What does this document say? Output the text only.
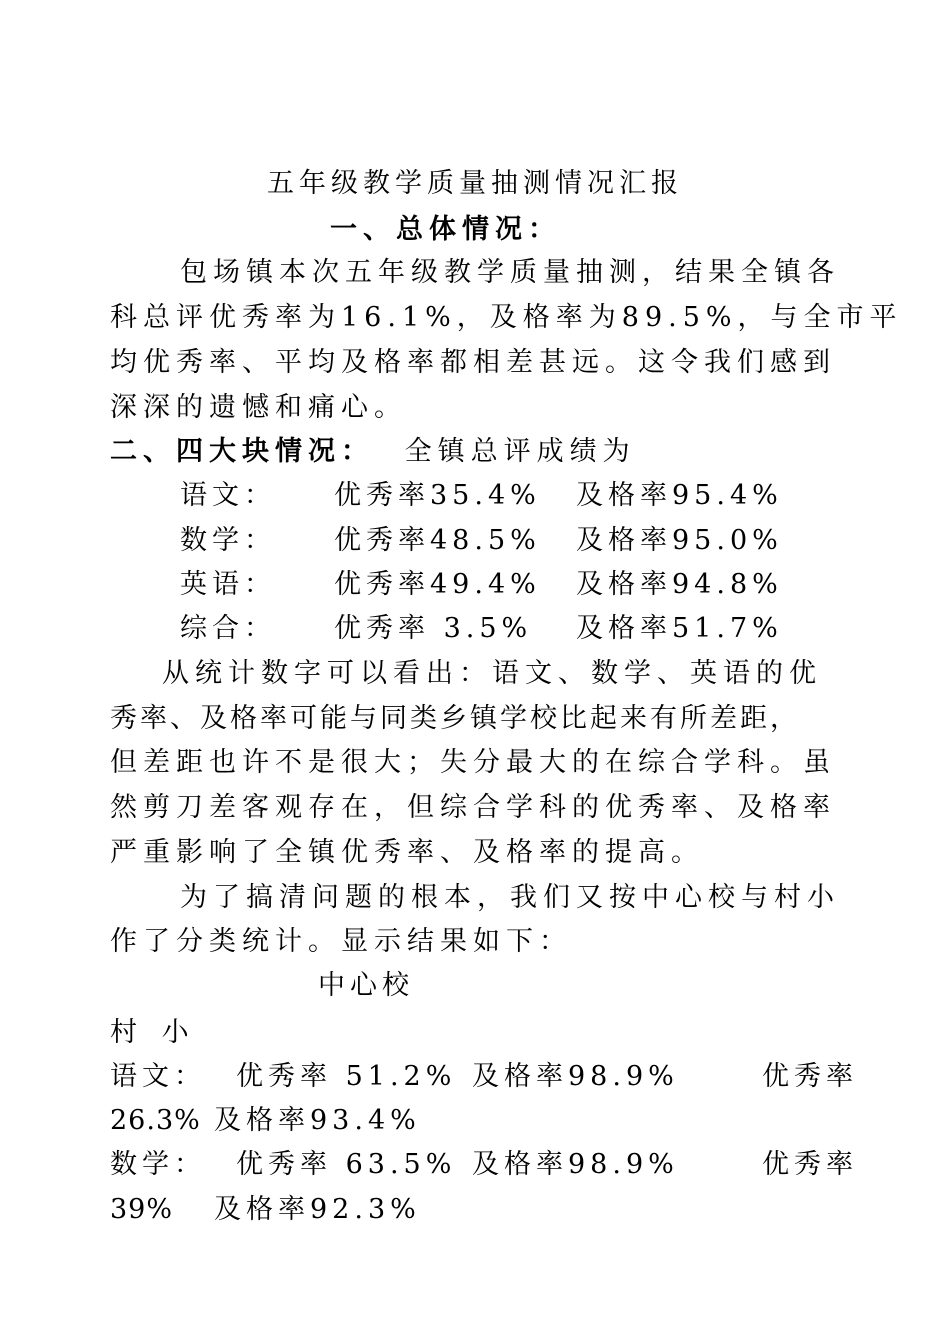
五年级教学质量抽测情况汇报
一、总体情况：
包场镇本次五年级教学质量抽测，结果全镇各
科总评优秀率为16.1%，及格率为89.5%，与全市平
均优秀率、平均及格率都相差甚远。这令我们感到
深深的遗憾和痛心。
二、四大块情况： 全镇总评成绩为
语文： 优秀率35.4% 及格率95.4%
数学： 优秀率48.5% 及格率95.0%
英语： 优秀率49.4% 及格率94.8%
综合： 优秀率 3.5% 及格率51.7%
从统计数字可以看出：语文、数学、英语的优
秀率、及格率可能与同类乡镇学校比起来有所差距，
但差距也许不是很大；失分最大的在综合学科。虽
然剪刀差客观存在，但综合学科的优秀率、及格率
严重影响了全镇优秀率、及格率的提高。
为了搞清问题的根本，我们又按中心校与村小
作了分类统计。显示结果如下：
中心校
村 小
语文： 优秀率 51.2% 及格率98.9%	优秀率
26.3% 及格率93.4%
数学： 优秀率 63.5% 及格率98.9%	优秀率
39% 及格率92.3%
